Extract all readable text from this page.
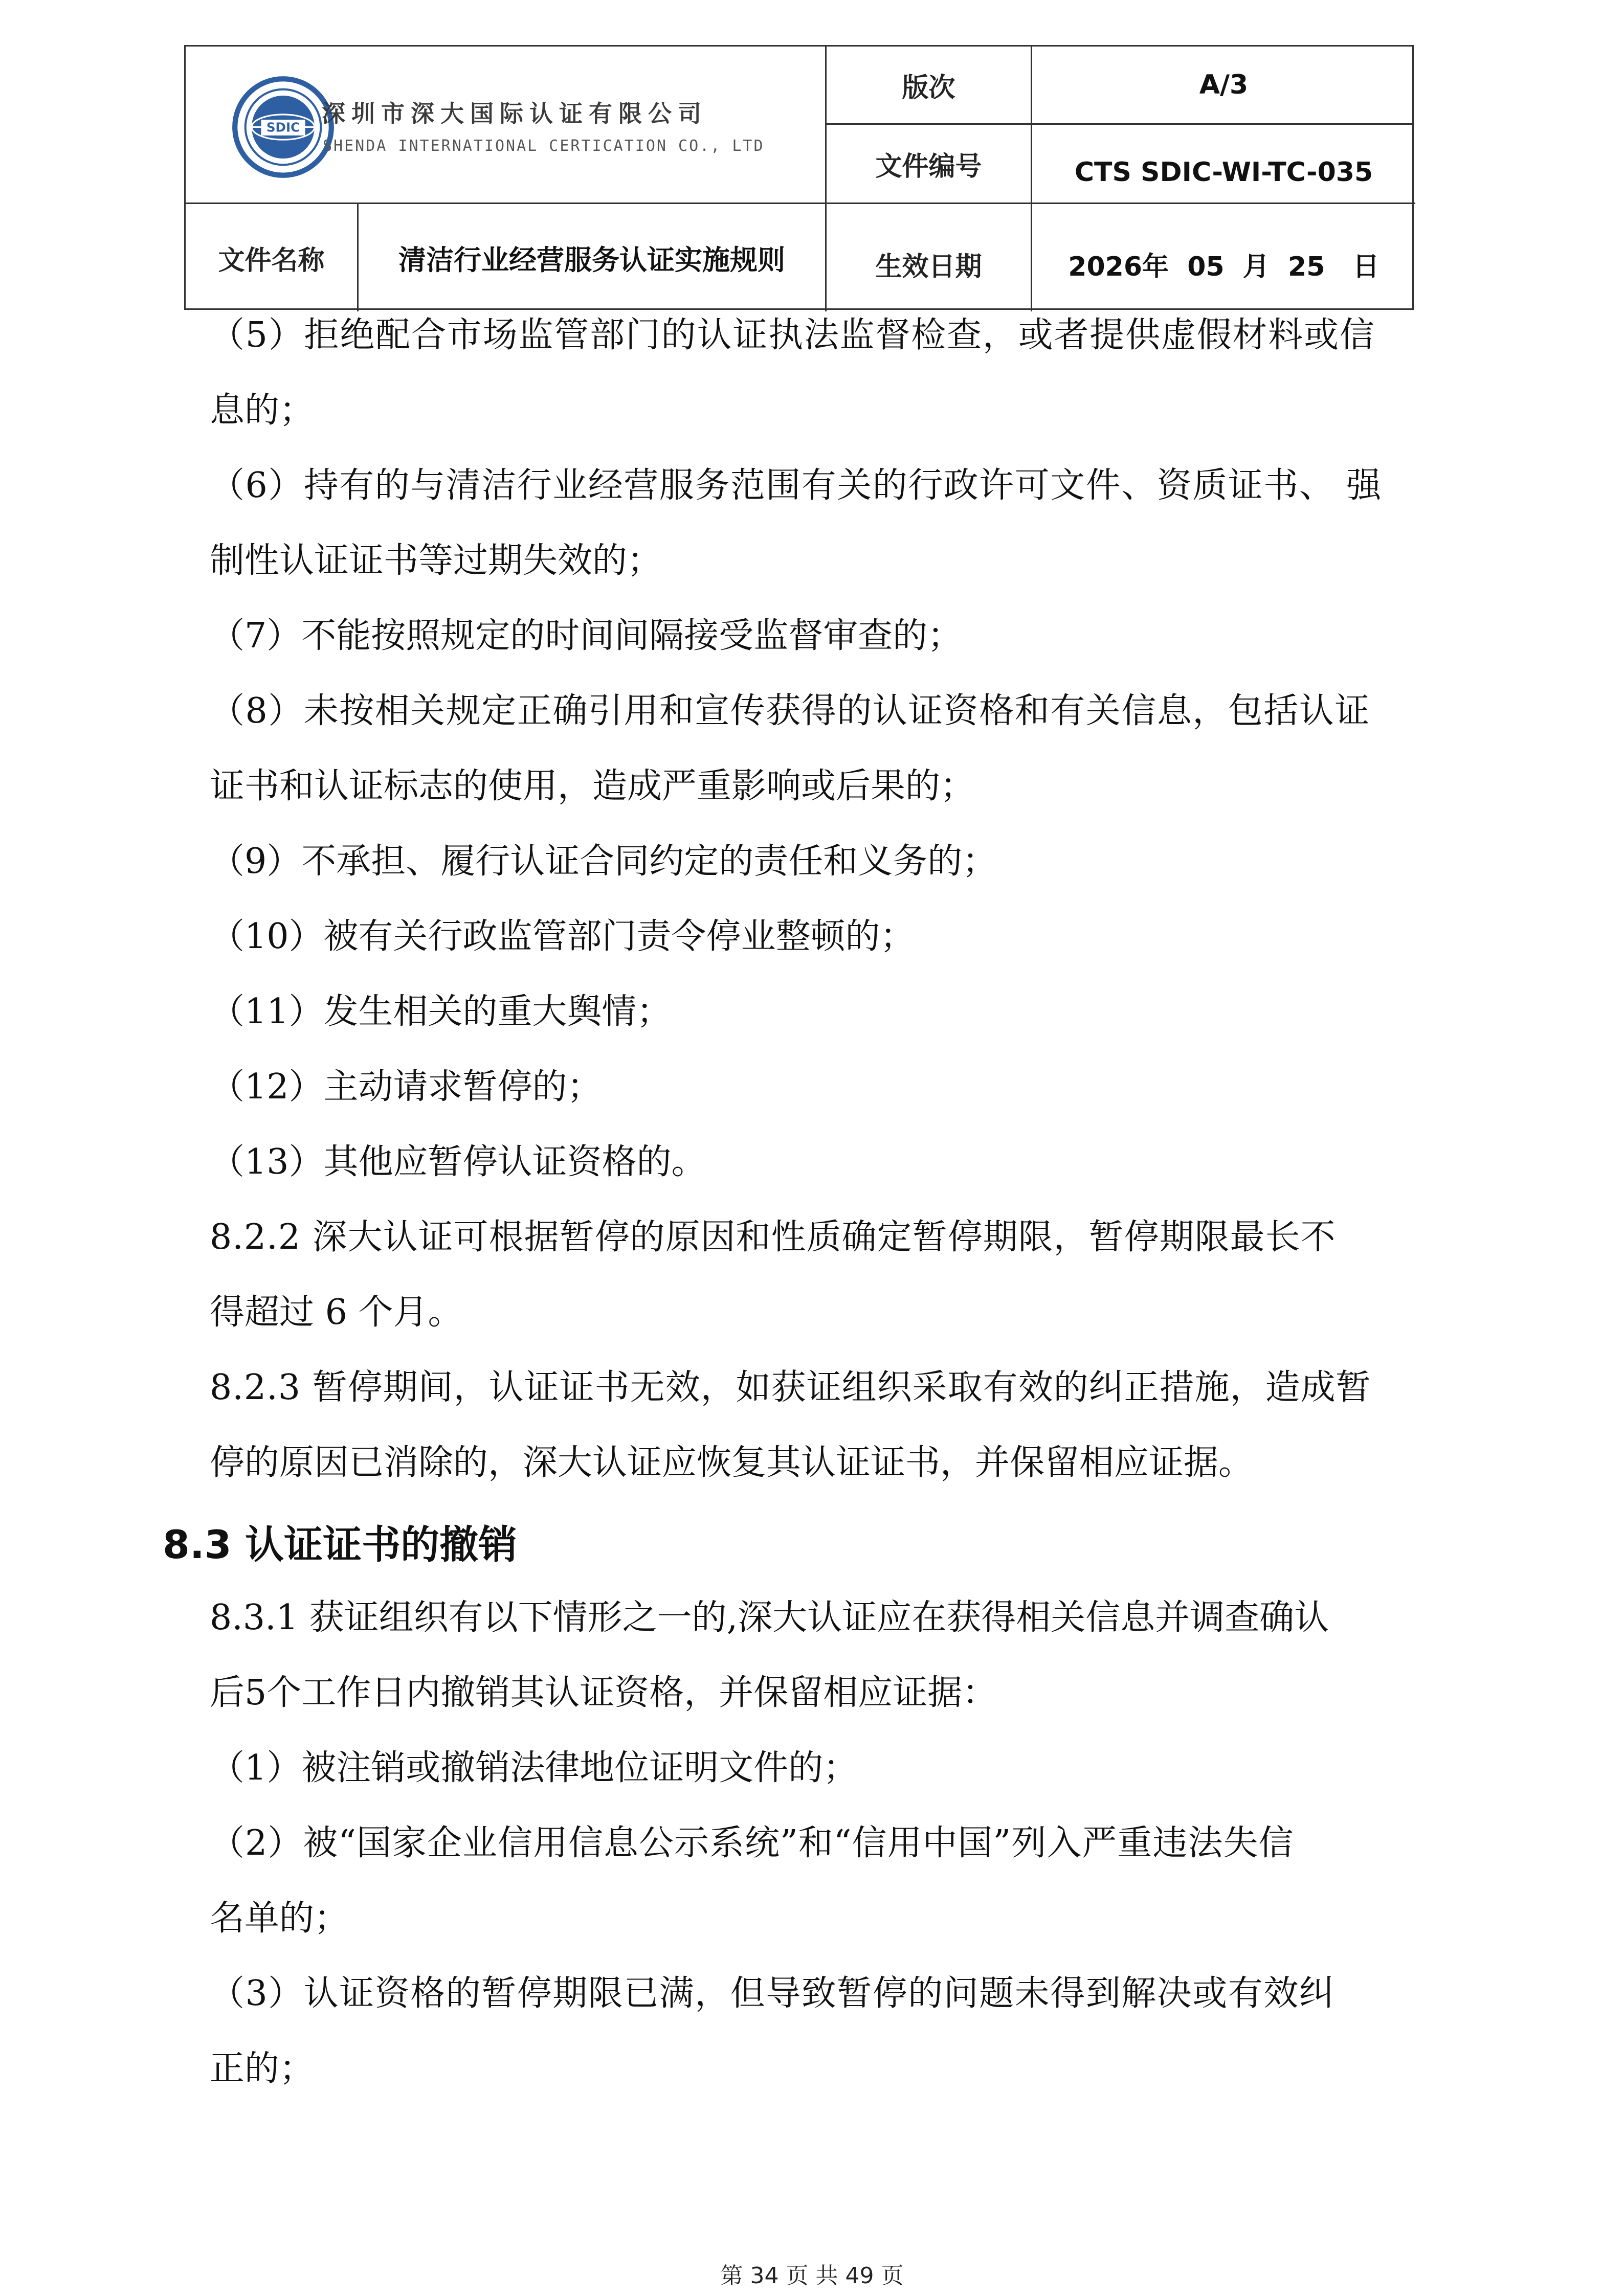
SDIC
深圳市深大国际认证有限公司
SHENDA INTERNATIONAL CERTICATION CO., LTD
版次	A/3
文件编号	CTS SDIC-WI-TC-035
文件名称	清洁行业经营服务认证实施规则	生效日期	2026年  05  月  25   日
（5）拒绝配合市场监管部门的认证执法监督检查，或者提供虚假材料或信
息的；
（6）持有的与清洁行业经营服务范围有关的行政许可文件、资质证书、 强
制性认证证书等过期失效的；
（7）不能按照规定的时间间隔接受监督审查的；
（8）未按相关规定正确引用和宣传获得的认证资格和有关信息，包括认证
证书和认证标志的使用，造成严重影响或后果的；
（9）不承担、履行认证合同约定的责任和义务的；
（10）被有关行政监管部门责令停业整顿的；
（11）发生相关的重大舆情；
（12）主动请求暂停的；
（13）其他应暂停认证资格的。
8.2.2 深大认证可根据暂停的原因和性质确定暂停期限，暂停期限最长不
得超过 6 个月。
8.2.3 暂停期间，认证证书无效，如获证组织采取有效的纠正措施，造成暂
停的原因已消除的，深大认证应恢复其认证证书，并保留相应证据。
8.3 认证证书的撤销
8.3.1 获证组织有以下情形之一的,深大认证应在获得相关信息并调查确认
后5个工作日内撤销其认证资格，并保留相应证据：
（1）被注销或撤销法律地位证明文件的；
（2）被“国家企业信用信息公示系统”和“信用中国”列入严重违法失信
名单的；
（3）认证资格的暂停期限已满，但导致暂停的问题未得到解决或有效纠
正的；
第 34 页 共 49 页
